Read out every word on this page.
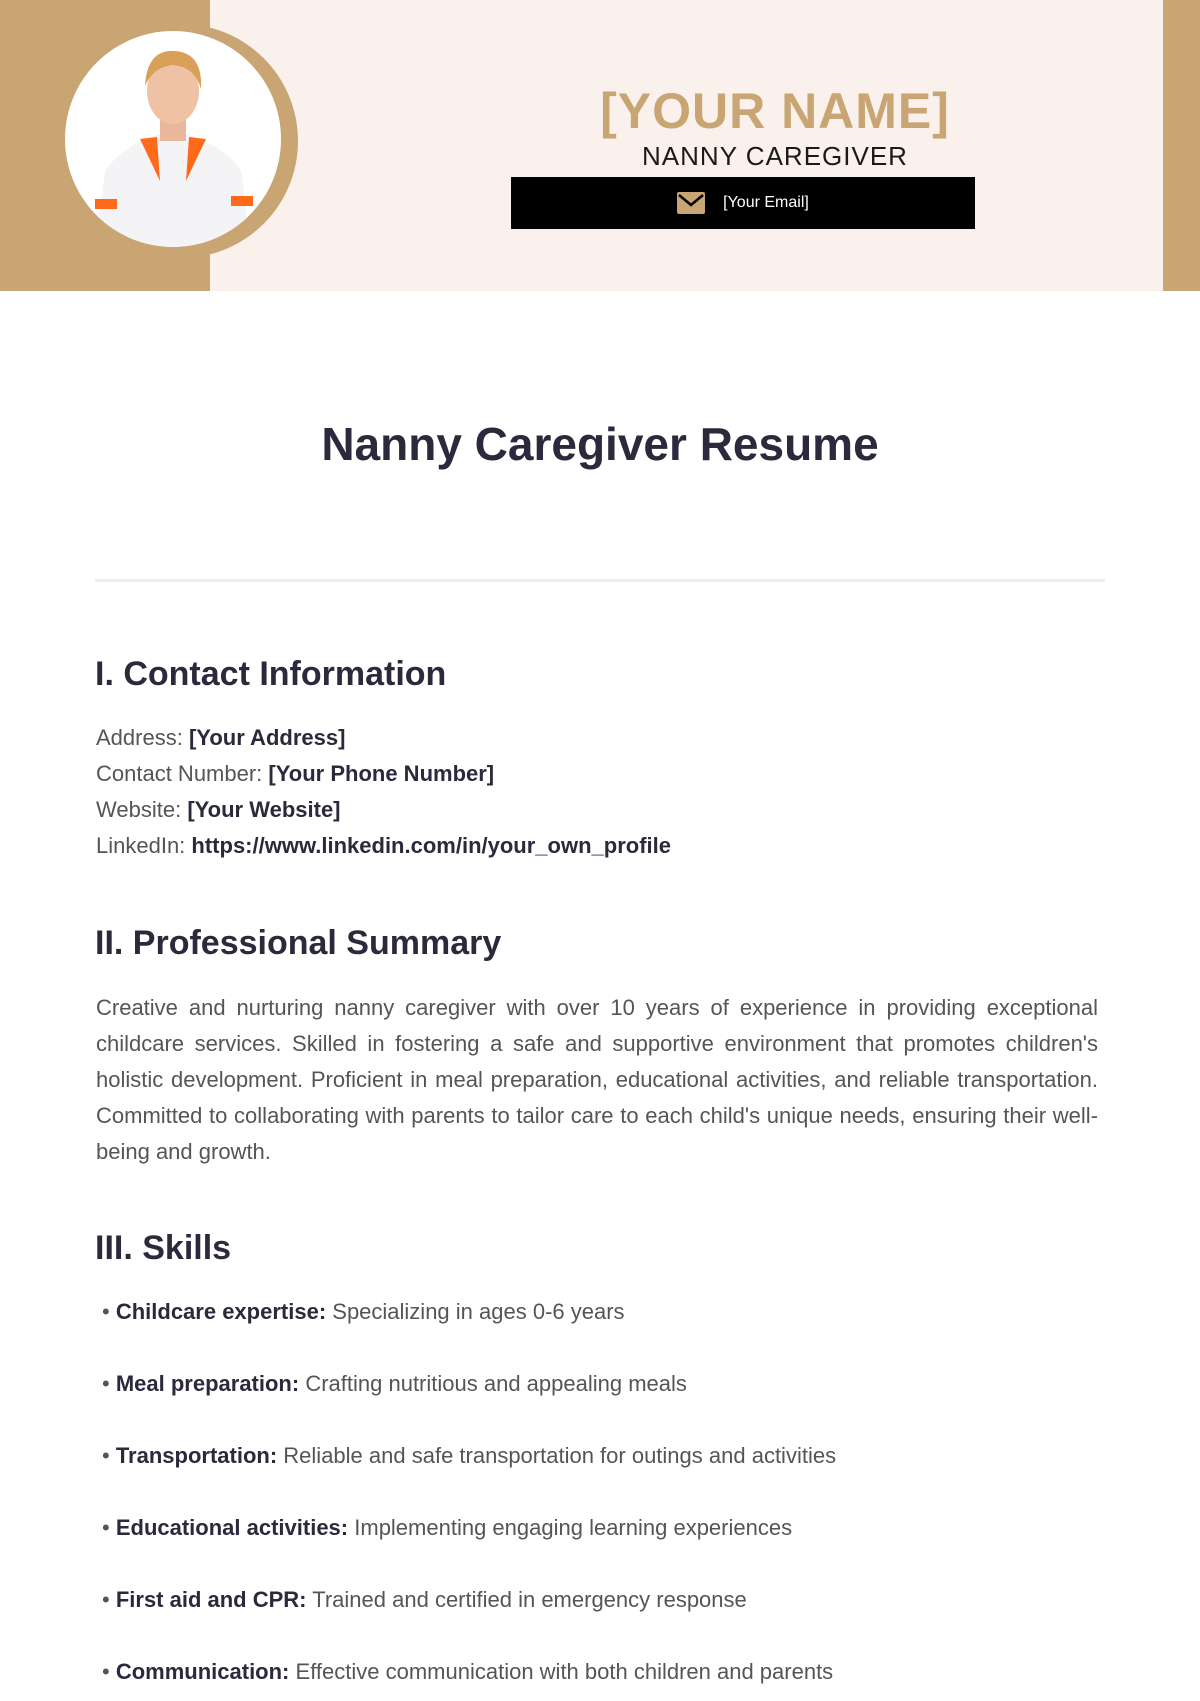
[YOUR NAME]
NANNY CAREGIVER
[Your Email]
Nanny Caregiver Resume
I. Contact Information
Address: [Your Address]
Contact Number: [Your Phone Number]
Website: [Your Website]
LinkedIn: https://www.linkedin.com/in/your_own_profile
II. Professional Summary
Creative and nurturing nanny caregiver with over 10 years of experience in providing exceptional childcare services. Skilled in fostering a safe and supportive environment that promotes children's holistic development. Proficient in meal preparation, educational activities, and reliable transportation. Committed to collaborating with parents to tailor care to each child's unique needs, ensuring their well-being and growth.
III. Skills
• Childcare expertise: Specializing in ages 0-6 years
• Meal preparation: Crafting nutritious and appealing meals
• Transportation: Reliable and safe transportation for outings and activities
• Educational activities: Implementing engaging learning experiences
• First aid and CPR: Trained and certified in emergency response
• Communication: Effective communication with both children and parents
